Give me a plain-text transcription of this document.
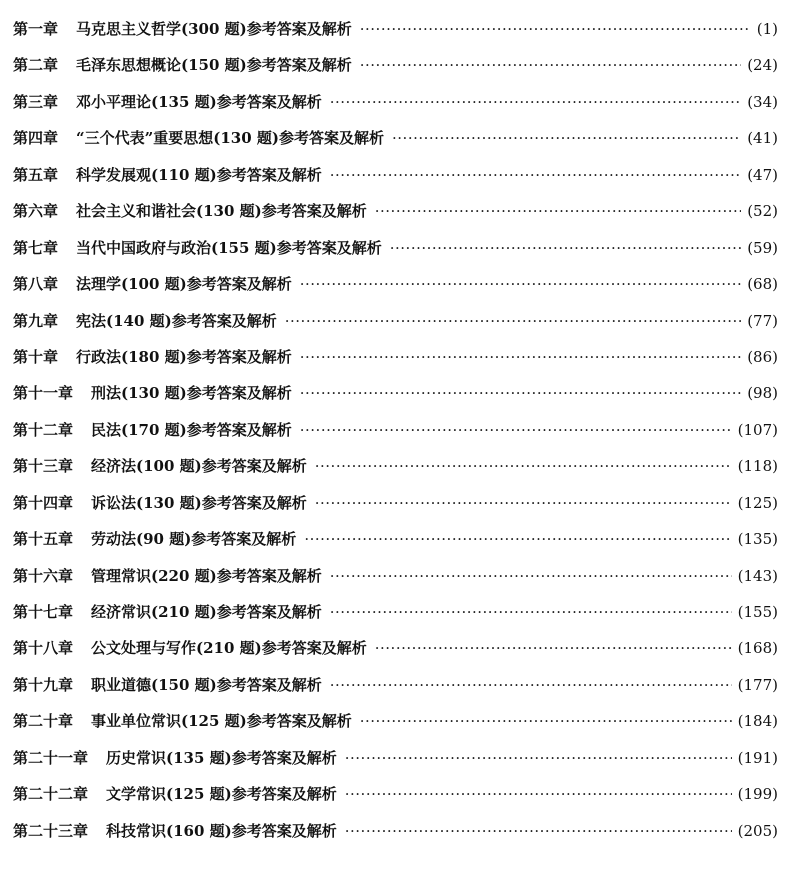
第一章 马克思主义哲学(300 题)参考答案及解析 ·····	(1)
第二章 毛泽东思想概论(150 题)参考答案及解析 ·····	(24)
第三章 邓小平理论(135 题)参考答案及解析 ·····	(34)
第四章 “三个代表”重要思想(130 题)参考答案及解析 ·····	(41)
第五章 科学发展观(110 题)参考答案及解析 ·····	(47)
第六章 社会主义和谐社会(130 题)参考答案及解析 ·····	(52)
第七章 当代中国政府与政治(155 题)参考答案及解析 ·····	(59)
第八章 法理学(100 题)参考答案及解析 ·····	(68)
第九章 宪法(140 题)参考答案及解析 ·····	(77)
第十章 行政法(180 题)参考答案及解析 ·····	(86)
第十一章 刑法(130 题)参考答案及解析 ·····	(98)
第十二章 民法(170 题)参考答案及解析 ·····	(107)
第十三章 经济法(100 题)参考答案及解析 ·····	(118)
第十四章 诉讼法(130 题)参考答案及解析 ·····	(125)
第十五章 劳动法(90 题)参考答案及解析 ·····	(135)
第十六章 管理常识(220 题)参考答案及解析 ·····	(143)
第十七章 经济常识(210 题)参考答案及解析 ·····	(155)
第十八章 公文处理与写作(210 题)参考答案及解析 ·····	(168)
第十九章 职业道德(150 题)参考答案及解析 ·····	(177)
第二十章 事业单位常识(125 题)参考答案及解析 ·····	(184)
第二十一章 历史常识(135 题)参考答案及解析 ·····	(191)
第二十二章 文学常识(125 题)参考答案及解析 ·····	(199)
第二十三章 科技常识(160 题)参考答案及解析 ·····	(205)
